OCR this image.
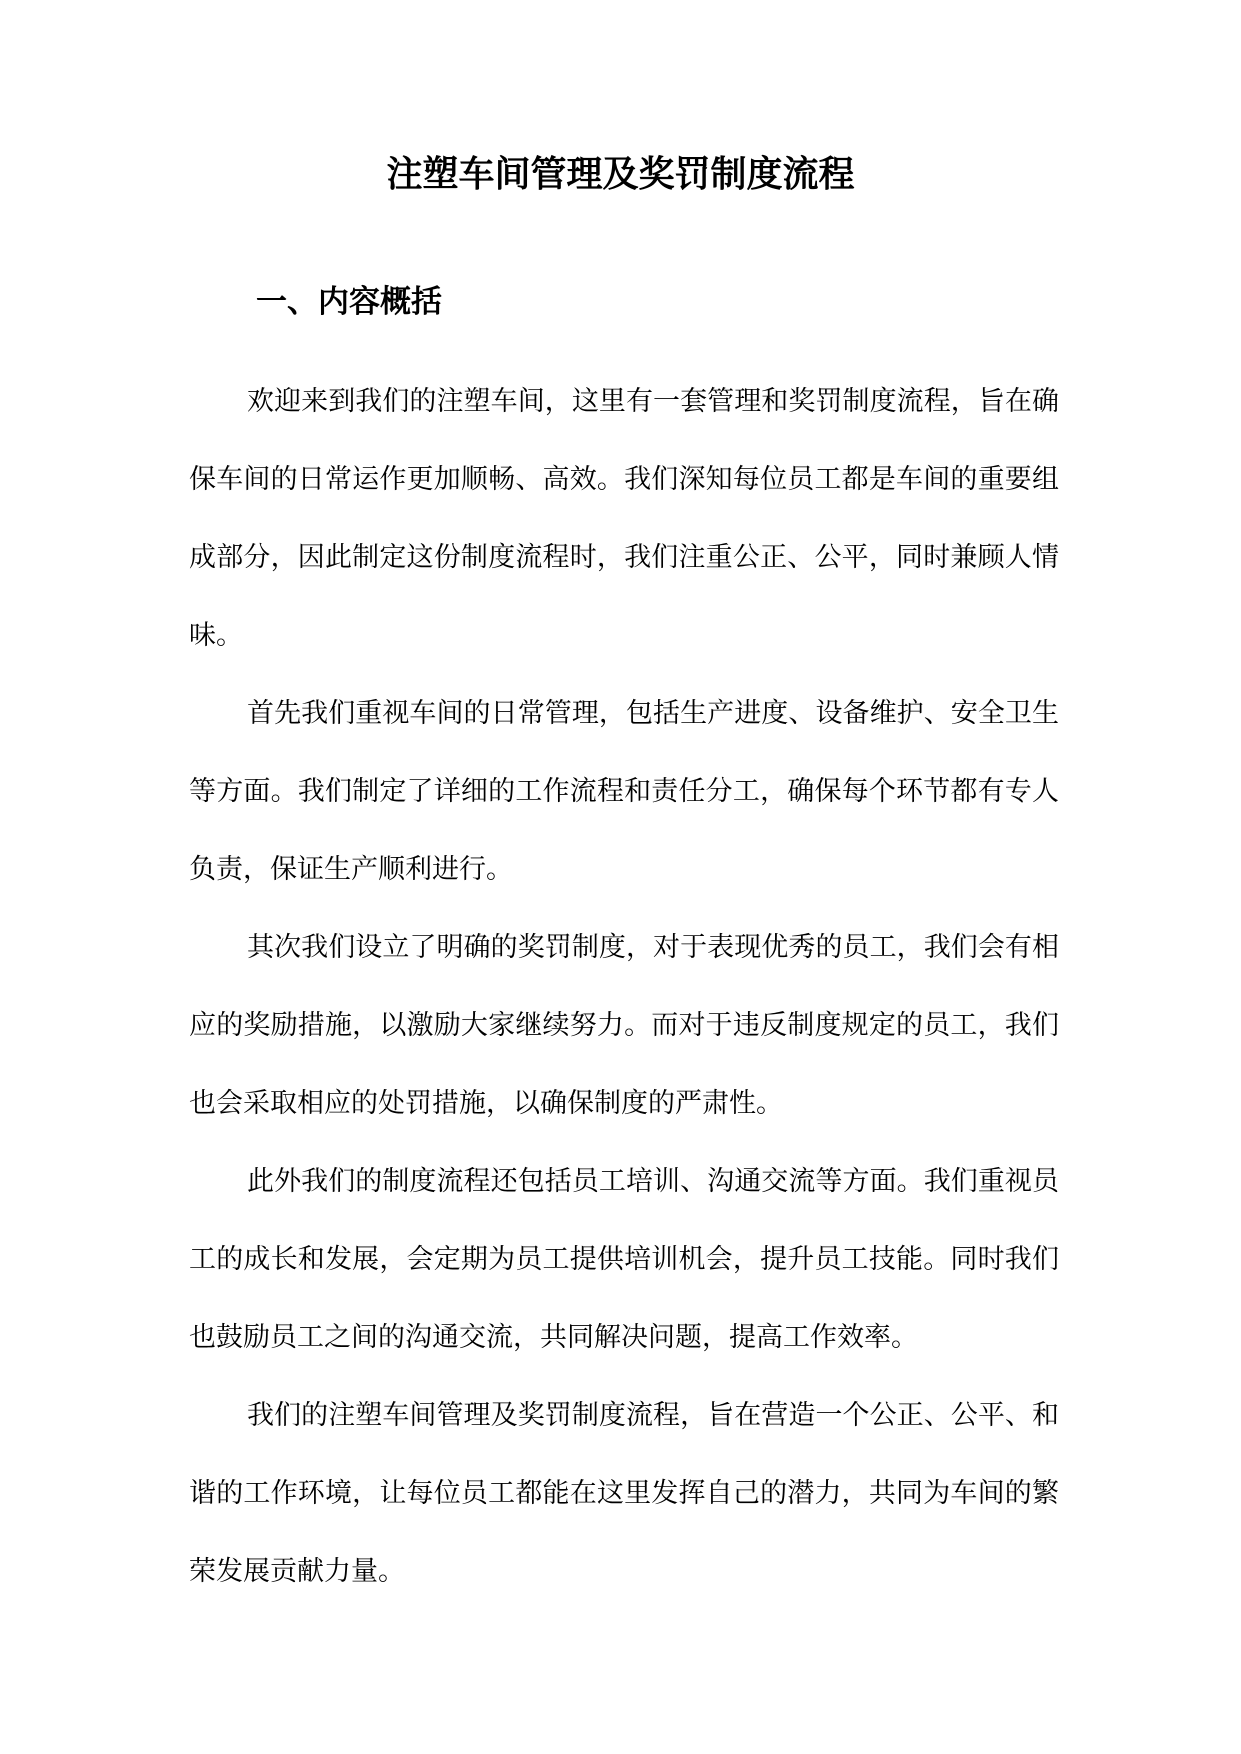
注塑车间管理及奖罚制度流程
一、内容概括

欢迎来到我们的注塑车间，这里有一套管理和奖罚制度流程，旨在确保车间的日常运作更加顺畅、高效。我们深知每位员工都是车间的重要组成部分，因此制定这份制度流程时，我们注重公正、公平，同时兼顾人情味。

首先我们重视车间的日常管理，包括生产进度、设备维护、安全卫生等方面。我们制定了详细的工作流程和责任分工，确保每个环节都有专人负责，保证生产顺利进行。

其次我们设立了明确的奖罚制度，对于表现优秀的员工，我们会有相应的奖励措施，以激励大家继续努力。而对于违反制度规定的员工，我们也会采取相应的处罚措施，以确保制度的严肃性。

此外我们的制度流程还包括员工培训、沟通交流等方面。我们重视员工的成长和发展，会定期为员工提供培训机会，提升员工技能。同时我们也鼓励员工之间的沟通交流，共同解决问题，提高工作效率。

我们的注塑车间管理及奖罚制度流程，旨在营造一个公正、公平、和谐的工作环境，让每位员工都能在这里发挥自己的潜力，共同为车间的繁荣发展贡献力量。
